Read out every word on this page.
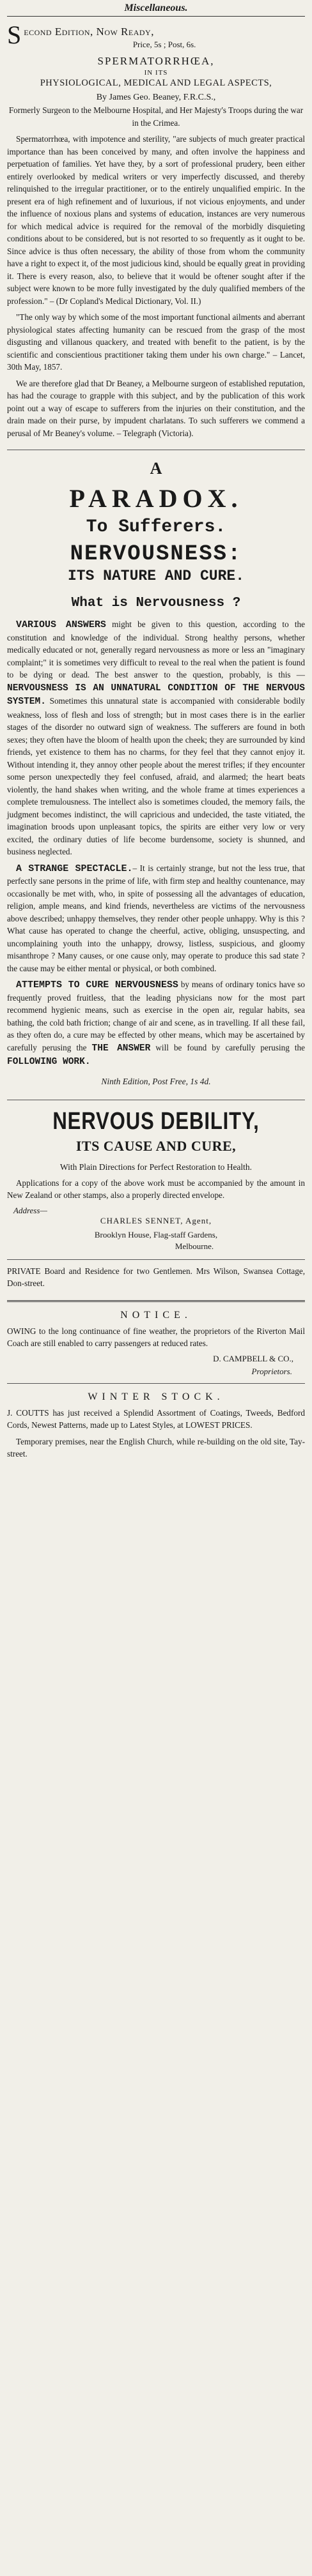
Miscellaneous.
S econd Edition, Now Ready,
Price, 5s ; Post, 6s.
SPERMATORRHŒA,
IN ITS
PHYSIOLOGICAL, MEDICAL AND LEGAL ASPECTS,
By James Geo. Beaney, F.R.C.S.,

Formerly Surgeon to the Melbourne Hospital, and Her Majesty's Troops during the war in the Crimea.

Spermatorrhœa, with impotence and sterility, "are subjects of much greater practical importance than has been conceived by many, and often involve the happiness and perpetuation of families. Yet have they, by a sort of professional prudery, been either entirely overlooked by medical writers or very imperfectly discussed, and thereby relinquished to the irregular practitioner, or to the entirely unqualified empiric. In the present era of high refinement and of luxurious, if not vicious enjoyments, and under the influence of noxious plans and systems of education, instances are very numerous for which medical advice is required for the removal of the morbidly disquieting conditions about to be considered, but is not resorted to so frequently as it ought to be. Since advice is thus often necessary, the ability of those from whom the community have a right to expect it, of the most judicious kind, should be equally great in providing it. There is every reason, also, to believe that it would be oftener sought after if the subject were known to be more fully investigated by the duly qualified members of the profession." – (Dr Copland's Medical Dictionary, Vol. II.)

"The only way by which some of the most important functional ailments and aberrant physiological states affecting humanity can be rescued from the grasp of the most disgusting and villanous quackery, and treated with benefit to the patient, is by the scientific and conscientious practitioner taking them under his own charge." – Lancet, 30th May, 1857.

We are therefore glad that Dr Beaney, a Melbourne surgeon of established reputation, has had the courage to grapple with this subject, and by the publication of this work point out a way of escape to sufferers from the injuries on their constitution, and the drain made on their purse, by impudent charlatans. To such sufferers we commend a perusal of Mr Beaney's volume. – Telegraph (Victoria).

A
PARADOX.
To Sufferers.
NERVOUSNESS:
ITS NATURE AND CURE.
What is Nervousness ?

VARIOUS ANSWERS might be given to this question, according to the constitution and knowledge of the individual. Strong healthy persons, whether medically educated or not, generally regard nervousness as more or less an "imaginary complaint;" it is sometimes very difficult to reveal to the real when the patient is found to be dying or dead. The best answer to the question, probably, is this — NERVOUSNESS IS AN UNNATURAL CONDITION OF THE NERVOUS SYSTEM. Sometimes this unnatural state is accompanied with considerable bodily weakness, loss of flesh and loss of strength; but in most cases there is in the earlier stages of the disorder no outward sign of weakness. The sufferers are found in both sexes; they often have the bloom of health upon the cheek; they are surrounded by kind friends, yet existence to them has no charms, for they feel that they cannot enjoy it. Without intending it, they annoy other people about the merest trifles; if they encounter some person unexpectedly they feel confused, afraid, and alarmed; the heart beats violently, the hand shakes when writing, and the whole frame at times experiences a complete tremulousness. The intellect also is sometimes clouded, the memory fails, the judgment becomes indistinct, the will capricious and undecided, the taste vitiated, the imagination broods upon unpleasant topics, the spirits are either very low or very excited, the ordinary duties of life become burdensome, society is shunned, and business neglected.

A STRANGE SPECTACLE.– It is certainly strange, but not the less true, that perfectly sane persons in the prime of life, with firm step and healthy countenance, may occasionally be met with, who, in spite of possessing all the advantages of education, religion, ample means, and kind friends, nevertheless are victims of the nervousness above described; unhappy themselves, they render other people unhappy. Why is this ? What cause has operated to change the cheerful, active, obliging, unsuspecting, and uncomplaining youth into the unhappy, drowsy, listless, suspicious, and gloomy misanthrope ? Many causes, or one cause only, may operate to produce this sad state ? the cause may be either mental or physical, or both combined.

ATTEMPTS TO CURE NERVOUSNESS by means of ordinary tonics have so frequently proved fruitless, that the leading physicians now for the most part recommend hygienic means, such as exercise in the open air, regular habits, sea bathing, the cold bath friction; change of air and scene, as in travelling. If all these fail, as they often do, a cure may be effected by other means, which may be ascertained by carefully perusing the THE ANSWER will be found by carefully perusing the FOLLOWING WORK.

Ninth Edition, Post Free, 1s 4d.
NERVOUS DEBILITY,
ITS CAUSE AND CURE,
With Plain Directions for Perfect Restoration to Health.

Applications for a copy of the above work must be accompanied by the amount in New Zealand or other stamps, also a properly directed envelope.

Address—
CHARLES SENNET, Agent,
Brooklyn House, Flag-staff Gardens,
Melbourne.

PRIVATE Board and Residence for two Gentlemen. Mrs Wilson, Swansea Cottage, Don-street.

NOTICE.

OWING to the long continuance of fine weather, the proprietors of the Riverton Mail Coach are still enabled to carry passengers at reduced rates.

D. CAMPBELL & CO.,
Proprietors.
WINTER STOCK.

J. COUTTS has just received a Splendid Assortment of Coatings, Tweeds, Bedford Cords, Newest Patterns, made up to Latest Styles, at LOWEST PRICES.

Temporary premises, near the English Church, while re-building on the old site, Tay-street.
